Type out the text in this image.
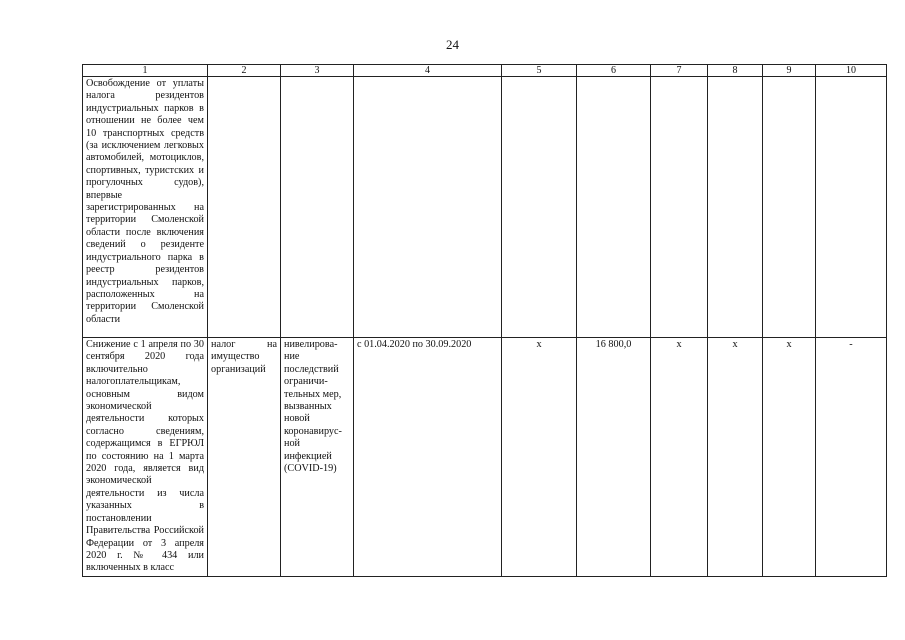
24
1	2	3	4	5	6	7	8	9	10
Освобождение от уплаты налога резидентов индустриальных парков в отношении не более чем 10 транспортных средств (за исключением легковых автомобилей, мотоциклов, спортивных, туристских и прогулочных судов), впервые зарегистрированных на территории Смоленской области после включения сведений о резиденте индустриального парка в реестр резидентов индустриальных парков, расположенных на территории Смоленской области									
Снижение с 1 апреля по 30 сентября 2020 года включительно налогоплательщикам, основным видом экономической деятельности которых согласно сведениям, содержащимся в ЕГРЮЛ по состоянию на 1 марта 2020 года, является вид экономической деятельности из числа указанных в постановлении Правительства Российской Федерации от 3 апреля 2020 г. № 434 или включенных в класс	налог на имущество организаций	нивелирова-ние последствий ограничи-тельных мер, вызванных новой коронавирус-ной инфекцией (COVID-19)	с 01.04.2020 по 30.09.2020	x	16 800,0	x	x	x	-
